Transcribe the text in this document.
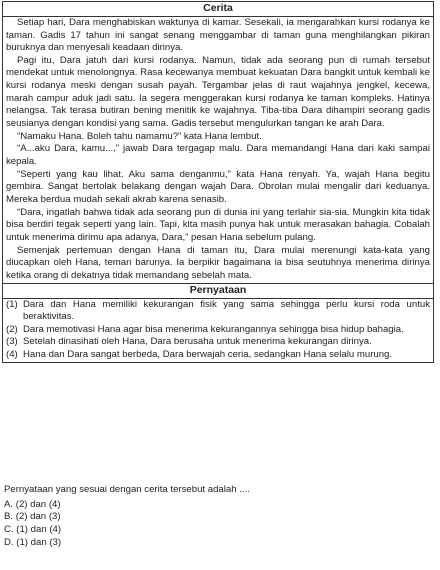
Cerita

Setiap hari, Dara menghabiskan waktunya di kamar. Sesekali, ia mengarahkan kursi rodanya ke taman. Gadis 17 tahun ini sangat senang menggambar di taman guna menghilangkan pikiran buruknya dan menyesali keadaan dirinya.

Pagi itu, Dara jatuh dari kursi rodanya. Namun, tidak ada seorang pun di rumah tersebut mendekat untuk menolongnya. Rasa kecewanya membuat kekuatan Dara bangkit untuk kembali ke kursi rodanya meski dengan susah payah. Tergambar jelas di raut wajahnya jengkel, kecewa, marah campur aduk jadi satu. Ia segera menggerakan kursi rodanya ke taman kompleks. Hatinya nelangsa. Tak terasa butiran bening menitik ke wajahnya. Tiba-tiba Dara dihampiri seorang gadis seusianya dengan kondisi yang sama. Gadis tersebut mengulurkan tangan ke arah Dara.

“Namaku Hana. Boleh tahu namamu?” kata Hana lembut.

“A...aku Dara, kamu...,” jawab Dara tergagap malu. Dara memandangi Hana dari kaki sampai kepala.

“Seperti yang kau lihat. Aku sama denganmu,” kata Hana renyah. Ya, wajah Hana begitu gembira. Sangat bertolak belakang dengan wajah Dara. Obrolan mulai mengalir dari keduanya. Mereka berdua mudah sekali akrab karena senasib.

“Dara, ingatlah bahwa tidak ada seorang pun di dunia ini yang terlahir sia-sia. Mungkin kita tidak bisa berdiri tegak seperti yang lain. Tapi, kita masih punya hak untuk merasakan bahagia. Cobalah untuk menerima dirimu apa adanya, Dara,” pesan Hana sebelum pulang.

Semenjak pertemuan dengan Hana di taman itu, Dara mulai merenungi kata-kata yang diucapkan oleh Hana, teman barunya. Ia berpikir bagaimana ia bisa seutuhnya menerima dirinya ketika orang di dekatnya tidak memandang sebelah mata.

Pernyataan

(1) Dara dan Hana memiliki kekurangan fisik yang sama sehingga perlu kursi roda untuk beraktivitas.
(2) Dara memotivasi Hana agar bisa menerima kekurangannya sehingga bisa hidup bahagia.
(3) Setelah dinasihati oleh Hana, Dara berusaha untuk menerima kekurangan dirinya.
(4) Hana dan Dara sangat berbeda, Dara berwajah ceria, sedangkan Hana selalu murung.

Pernyataan yang sesuai dengan cerita tersebut adalah ....

A. (2) dan (4)

B. (2) dan (3)

C. (1) dan (4)

D. (1) dan (3)
